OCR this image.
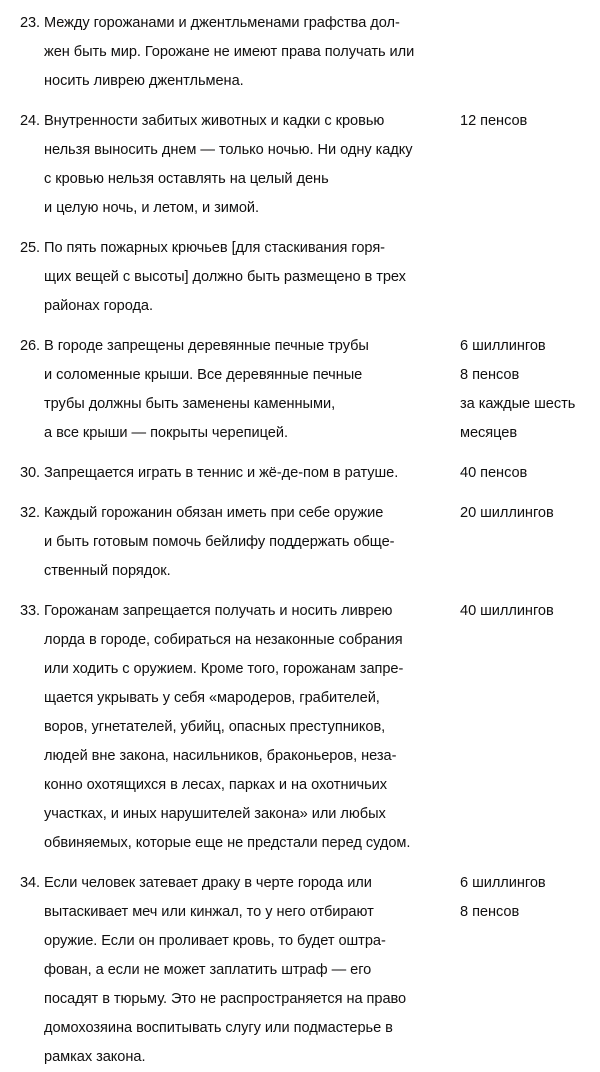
23. Между горожанами и джентльменами графства дол-
жен быть мир. Горожане не имеют права получать или
носить ливрею джентльмена.
24. Внутренности забитых животных и кадки с кровью
нельзя выносить днем — только ночью. Ни одну кадку
с кровью нельзя оставлять на целый день
и целую ночь, и летом, и зимой.
12 пенсов
25. По пять пожарных крючьев [для стаскивания горя-
щих вещей с высоты] должно быть размещено в трех
районах города.
26. В городе запрещены деревянные печные трубы
и соломенные крыши. Все деревянные печные
трубы должны быть заменены каменными,
а все крыши — покрыты черепицей.
6 шиллингов
8 пенсов
за каждые шесть
месяцев
30. Запрещается играть в теннис и жё-де-пом в ратуше.	40 пенсов
32. Каждый горожанин обязан иметь при себе оружие
и быть готовым помочь бейлифу поддержать обще-
ственный порядок.
20 шиллингов
33. Горожанам запрещается получать и носить ливрею
лорда в городе, собираться на незаконные собрания
или ходить с оружием. Кроме того, горожанам запре-
щается укрывать у себя «мародеров, грабителей,
воров, угнетателей, убийц, опасных преступников,
людей вне закона, насильников, браконьеров, неза-
конно охотящихся в лесах, парках и на охотничьих
участках, и иных нарушителей закона» или любых
обвиняемых, которые еще не предстали перед судом.
40 шиллингов
34. Если человек затевает драку в черте города или
вытаскивает меч или кинжал, то у него отбирают
оружие. Если он проливает кровь, то будет оштра-
фован, а если не может заплатить штраф — его
посадят в тюрьму. Это не распространяется на право
домохозяина воспитывать слугу или подмастерье в
рамках закона.
6 шиллингов
8 пенсов
